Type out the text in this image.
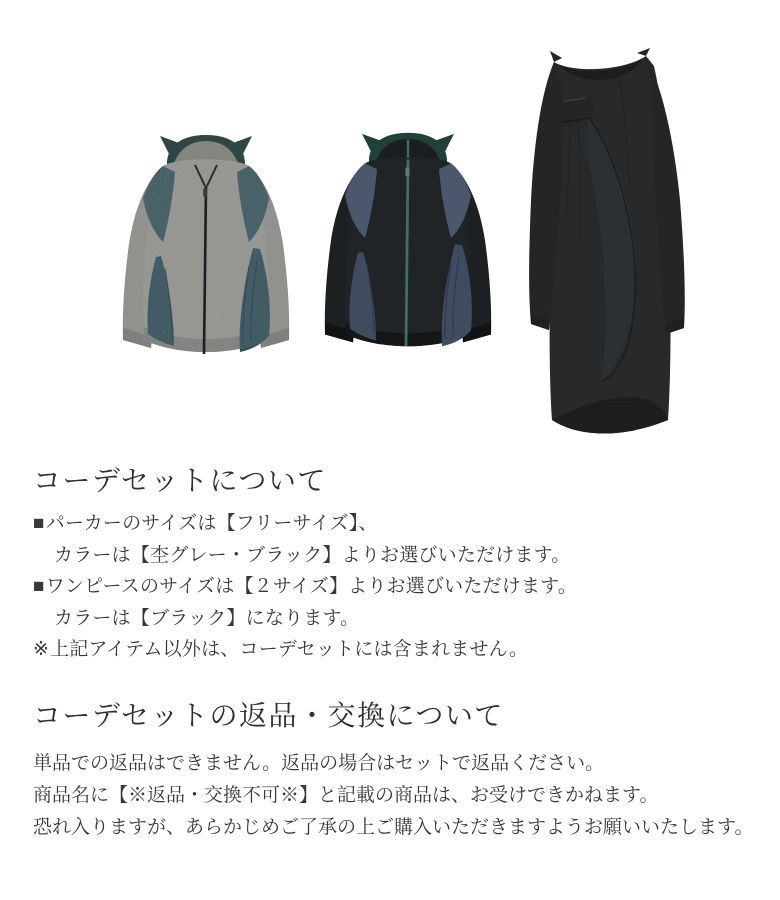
コーデセットについて

■パーカーのサイズは【フリーサイズ】、

カラーは【杢グレー・ブラック】よりお選びいただけます。

■ワンピースのサイズは【２サイズ】よりお選びいただけます。

カラーは【ブラック】になります。

※上記アイテム以外は、コーデセットには含まれません。

コーデセットの返品・交換について

単品での返品はできません。返品の場合はセットで返品ください。

商品名に【※返品・交換不可※】と記載の商品は、お受けできかねます。

恐れ入りますが、あらかじめご了承の上ご購入いただきますようお願いいたします。
